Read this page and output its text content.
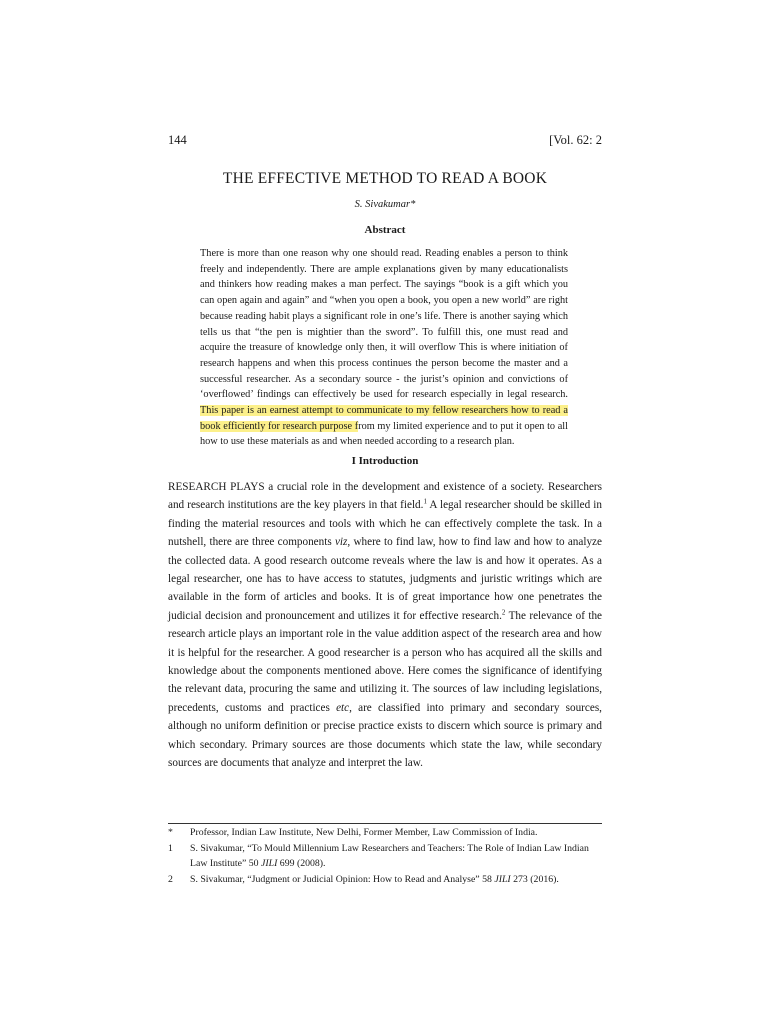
144	[Vol. 62: 2
THE EFFECTIVE METHOD TO READ A BOOK
S. Sivakumar*
Abstract
There is more than one reason why one should read. Reading enables a person to think freely and independently. There are ample explanations given by many educationalists and thinkers how reading makes a man perfect. The sayings “book is a gift which you can open again and again” and “when you open a book, you open a new world” are right because reading habit plays a significant role in one’s life. There is another saying which tells us that “the pen is mightier than the sword”. To fulfill this, one must read and acquire the treasure of knowledge only then, it will overflow This is where initiation of research happens and when this process continues the person become the master and a successful researcher. As a secondary source - the jurist’s opinion and convictions of ‘overflowed’ findings can effectively be used for research especially in legal research. This paper is an earnest attempt to communicate to my fellow researchers how to read a book efficiently for research purpose from my limited experience and to put it open to all how to use these materials as and when needed according to a research plan.
I Introduction
RESEARCH PLAYS a crucial role in the development and existence of a society. Researchers and research institutions are the key players in that field.$^1$ A legal researcher should be skilled in finding the material resources and tools with which he can effectively complete the task. In a nutshell, there are three components viz, where to find law, how to find law and how to analyze the collected data. A good research outcome reveals where the law is and how it operates. As a legal researcher, one has to have access to statutes, judgments and juristic writings which are available in the form of articles and books. It is of great importance how one penetrates the judicial decision and pronouncement and utilizes it for effective research.$^2$ The relevance of the research article plays an important role in the value addition aspect of the research area and how it is helpful for the researcher. A good researcher is a person who has acquired all the skills and knowledge about the components mentioned above. Here comes the significance of identifying the relevant data, procuring the same and utilizing it. The sources of law including legislations, precedents, customs and practices etc, are classified into primary and secondary sources, although no uniform definition or precise practice exists to discern which source is primary and which secondary. Primary sources are those documents which state the law, while secondary sources are documents that analyze and interpret the law.
*	Professor, Indian Law Institute, New Delhi, Former Member, Law Commission of India.
1	S. Sivakumar, “To Mould Millennium Law Researchers and Teachers: The Role of Indian Law Indian Law Institute” 50 JILI 699 (2008).
2	S. Sivakumar, “Judgment or Judicial Opinion: How to Read and Analyse” 58 JILI 273 (2016).
